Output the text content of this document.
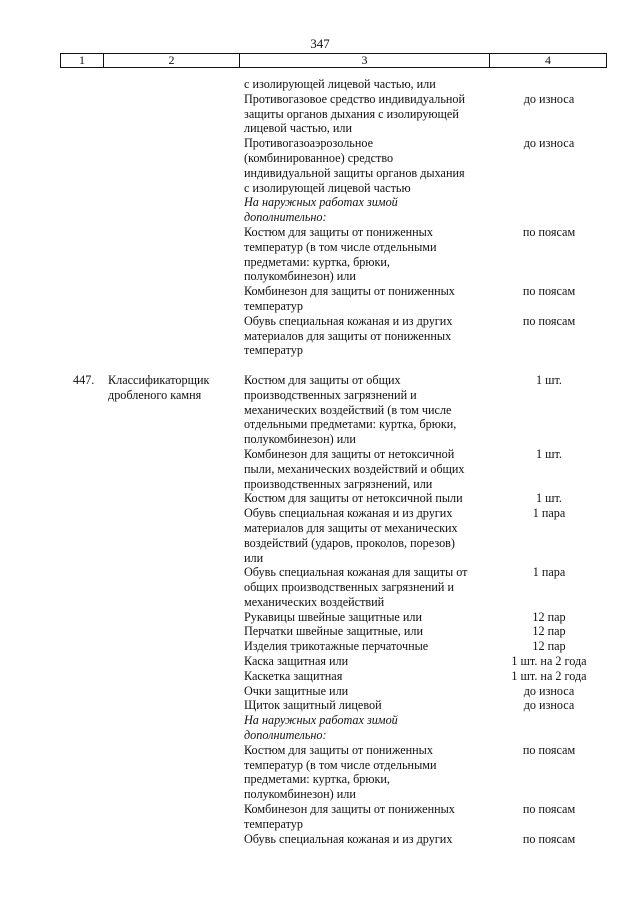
347
1	2	3	4
с изолирующей лицевой частью, или
Противогазовое средство индивидуальной	до износа
защиты органов дыхания с изолирующей
лицевой частью, или
Противогазоаэрозольное	до износа
(комбинированное) средство
индивидуальной защиты органов дыхания
с изолирующей лицевой частью
На наружных работах зимой
дополнительно:
Костюм для защиты от пониженных	по поясам
температур (в том числе отдельными
предметами: куртка, брюки,
полукомбинезон) или
Комбинезон для защиты от пониженных	по поясам
температур
Обувь специальная кожаная и из других	по поясам
материалов для защиты от пониженных
температур
447. Классификаторщик	Костюм для защиты от общих	1 шт.
дробленого камня	производственных загрязнений и
механических воздействий (в том числе
отдельными предметами: куртка, брюки,
полукомбинезон) или
Комбинезон для защиты от нетоксичной	1 шт.
пыли, механических воздействий и общих
производственных загрязнений, или
Костюм для защиты от нетоксичной пыли	1 шт.
Обувь специальная кожаная и из других	1 пара
материалов для защиты от механических
воздействий (ударов, проколов, порезов)
или
Обувь специальная кожаная для защиты от	1 пара
общих производственных загрязнений и
механических воздействий
Рукавицы швейные защитные или	12 пар
Перчатки швейные защитные, или	12 пар
Изделия трикотажные перчаточные	12 пар
Каска защитная или	1 шт. на 2 года
Каскетка защитная	1 шт. на 2 года
Очки защитные или	до износа
Щиток защитный лицевой	до износа
На наружных работах зимой
дополнительно:
Костюм для защиты от пониженных	по поясам
температур (в том числе отдельными
предметами: куртка, брюки,
полукомбинезон) или
Комбинезон для защиты от пониженных	по поясам
температур
Обувь специальная кожаная и из других	по поясам
